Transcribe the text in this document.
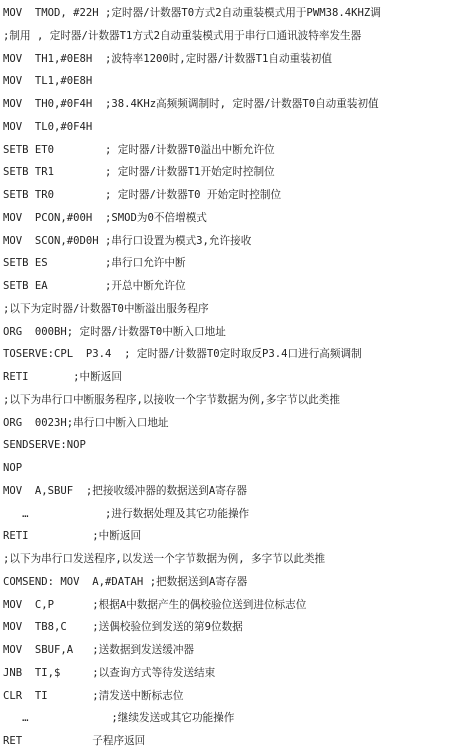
MOV  TMOD, #22H ;定时器/计数器T0方式2自动重装模式用于PWM38.4KHZ调
;制用 , 定时器/计数器T1方式2自动重装模式用于串行口通讯波特率发生器
MOV  TH1,#0E8H  ;波特率1200时,定时器/计数器T1自动重装初值
MOV  TL1,#0E8H
MOV  TH0,#0F4H  ;38.4KHz高频频调制时, 定时器/计数器T0自动重装初值
MOV  TL0,#0F4H
SETB ET0        ; 定时器/计数器T0溢出中断允许位
SETB TR1        ; 定时器/计数器T1开始定时控制位
SETB TR0        ; 定时器/计数器T0 开始定时控制位
MOV  PCON,#00H  ;SMOD为0不倍增模式
MOV  SCON,#0D0H ;串行口设置为模式3,允许接收
SETB ES         ;串行口允许中断
SETB EA         ;开总中断允许位
;以下为定时器/计数器T0中断溢出服务程序
ORG  000BH; 定时器/计数器T0中断入口地址
TOSERVE:CPL  P3.4  ; 定时器/计数器T0定时取反P3.4口进行高频调制
RETI       ;中断返回
;以下为串行口中断服务程序,以接收一个字节数据为例,多字节以此类推
ORG  0023H;串行口中断入口地址
SENDSERVE:NOP
NOP
MOV  A,SBUF  ;把接收缓冲器的数据送到A寄存器
…            ;进行数据处理及其它功能操作
RETI          ;中断返回
;以下为串行口发送程序,以发送一个字节数据为例, 多字节以此类推
COMSEND: MOV  A,#DATAH ;把数据送到A寄存器
MOV  C,P      ;根据A中数据产生的偶校验位送到进位标志位
MOV  TB8,C    ;送偶校验位到发送的第9位数据
MOV  SBUF,A   ;送数据到发送缓冲器
JNB  TI,$     ;以查询方式等待发送结束
CLR  TI       ;清发送中断标志位
…             ;继续发送或其它功能操作
RET           子程序返回
